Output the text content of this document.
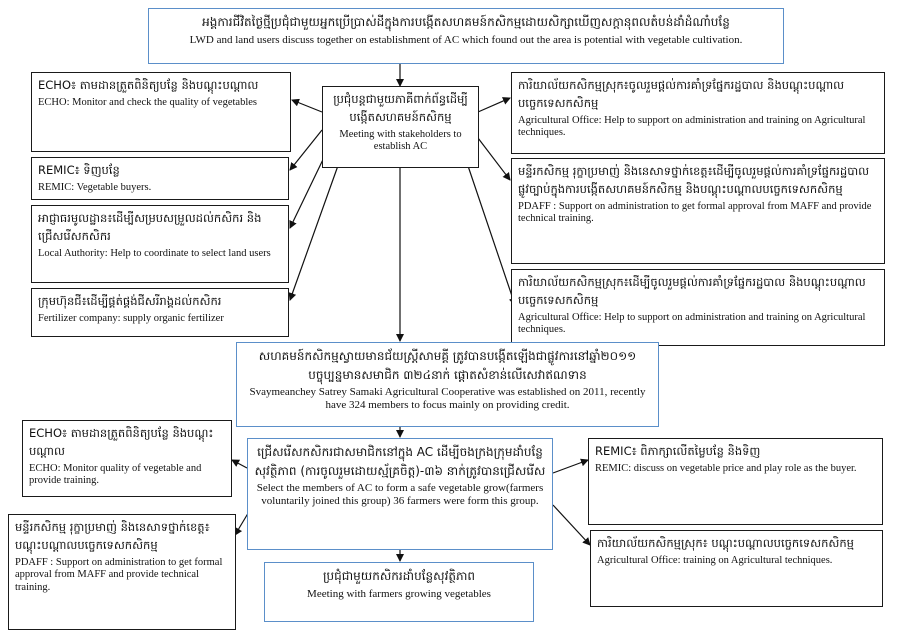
អង្គការជីវិតថ្ងៃថ្មីប្រជុំជាមួយអ្នកប្រើប្រាស់ដីក្នុងការបង្កើតសហគមន៍កសិកម្មដោយសិក្សាឃើញសក្តានុពលតំបន់ដាំដំណាំបន្លែ

LWD and land users discuss together on establishment of AC which found out the area is potential with vegetable cultivation.

ប្រជុំបន្តជាមួយភាគីពាក់ព័ន្ធដើម្បីបង្កើតសហគមន៍កសិកម្ម

Meeting with stakeholders to establish AC

ECHO៖ តាមដានត្រួតពិនិត្យបន្លែ និងបណ្តុះបណ្តាល

ECHO: Monitor and check the quality of vegetables

REMIC៖ ទិញបន្លែ

REMIC: Vegetable buyers.

អាជ្ញាធរមូលដ្ឋាន៖ដើម្បីសម្របសម្រួលដល់កសិករ និងជ្រើសរើសកសិករ

Local Authority: Help to coordinate to select land users

ក្រុមហ៊ុនជី៖ដើម្បីផ្គត់ផ្គង់ជីសរីរាង្គដល់កសិករ

Fertilizer company: supply organic fertilizer

ការិយាល័យកសិកម្មស្រុក៖ចូលរួមផ្តល់ការគាំទ្រផ្នែករដ្ឋបាល និងបណ្តុះបណ្តាលបច្ចេកទេសកសិកម្ម

Agricultural Office: Help to support on administration and training on Agricultural techniques.

មន្ទីរកសិកម្ម រុក្ខាប្រមាញ់ និងនេសាទថ្នាក់ខេត្ត៖ដើម្បីចូលរួមផ្តល់ការគាំទ្រផ្នែករដ្ឋបាលផ្លូវច្បាប់ក្នុងការបង្កើតសហគមន៍កសិកម្ម និងបណ្តុះបណ្តាលបច្ចេកទេសកសិកម្ម

PDAFF : Support on administration to get formal approval from MAFF and provide technical training.

ការិយាល័យកសិកម្មស្រុក៖ដើម្បីចូលរួមផ្តល់ការគាំទ្រផ្នែករដ្ឋបាល និងបណ្តុះបណ្តាលបច្ចេកទេសកសិកម្ម

Agricultural Office: Help to support on administration and training on Agricultural techniques.

សហគមន៍កសិកម្មស្វាយមានជ័យស្ត្រីសាមគ្គី ត្រូវបានបង្កើតឡើងជាផ្លូវការនៅឆ្នាំ២០១១ បច្ចុប្បន្នមានសមាជិក ៣២៤នាក់ ផ្តោតសំខាន់លើសេវាឥណទាន

Svaymeanchey Satrey Samaki Agricultural Cooperative was established on 2011, recently have 324 members to focus mainly on providing credit.

ECHO៖ តាមដានត្រួតពិនិត្យបន្លែ និងបណ្តុះបណ្តាល

ECHO: Monitor quality of vegetable and provide training.

មន្ទីរកសិកម្ម រុក្ខាប្រមាញ់ និងនេសាទថ្នាក់ខេត្ត៖ បណ្តុះបណ្តាលបច្ចេកទេសកសិកម្ម

PDAFF : Support on administration to get formal approval from MAFF and provide technical training.

ជ្រើសរើសកសិករជាសមាជិកនៅក្នុង AC ដើម្បីចងក្រងក្រុមដាំបន្លែសុវត្ថិភាព (ការចូលរួមដោយស្ម័គ្រចិត្ត)-៣៦ នាក់ត្រូវបានជ្រើសរើស

Select the members of AC to form a safe vegetable grow(farmers voluntarily joined this group) 36 farmers were form this group.

REMIC៖ ពិភាក្សាលើតម្លៃបន្លែ និងទិញ

REMIC: discuss on vegetable price and play role as the buyer.

ការិយាល័យកសិកម្មស្រុក៖ បណ្តុះបណ្តាលបច្ចេកទេសកសិកម្ម

Agricultural Office: training on Agricultural techniques.

ប្រជុំជាមួយកសិករដាំបន្លែសុវត្ថិភាព

Meeting with farmers growing vegetables
